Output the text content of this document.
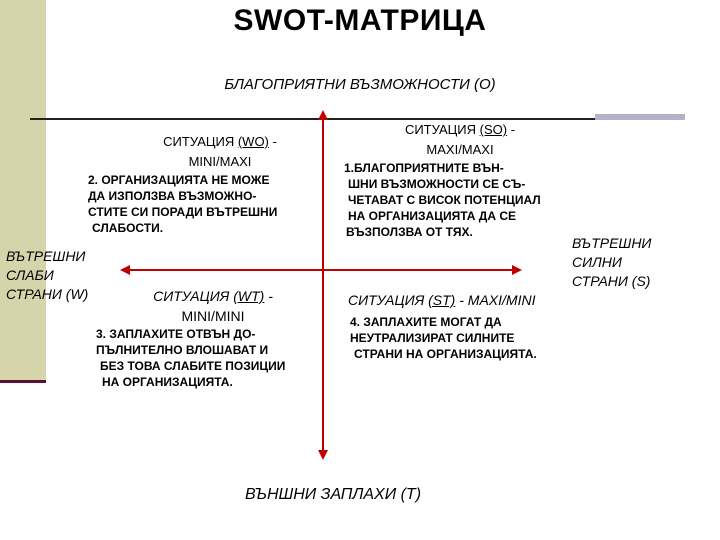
SWOT-МАТРИЦА
БЛАГОПРИЯТНИ ВЪЗМОЖНОСТИ (О)
СИТУАЦИЯ (WO) -
MINI/MAXI
2. ОРГАНИЗАЦИЯТА НЕ МОЖЕ
ДА ИЗПОЛЗВА ВЪЗМОЖНО-
СТИТЕ СИ ПОРАДИ ВЪТРЕШНИ
СЛАБОСТИ.
СИТУАЦИЯ (SO) -
MAXI/MAXI
1.БЛАГОПРИЯТНИТЕ ВЪН-
ШНИ ВЪЗМОЖНОСТИ СЕ СЪ-
ЧЕТАВАТ С ВИСОК ПОТЕНЦИАЛ
НА ОРГАНИЗАЦИЯТА ДА СЕ
ВЪЗПОЛЗВА ОТ ТЯХ.
ВЪТРЕШНИ
СЛАБИ
СТРАНИ (W)
ВЪТРЕШНИ
СИЛНИ
СТРАНИ (S)
СИТУАЦИЯ (WT) -
MINI/MINI
3. ЗАПЛАХИТЕ ОТВЪН ДО-
ПЪЛНИТЕЛНО ВЛОШАВАТ И
БЕЗ ТОВА СЛАБИТЕ ПОЗИЦИИ
НА ОРГАНИЗАЦИЯТА.
СИТУАЦИЯ (ST) - MAXI/MINI
4. ЗАПЛАХИТЕ МОГАТ ДА
НЕУТРАЛИЗИРАТ СИЛНИТЕ
СТРАНИ НА ОРГАНИЗАЦИЯТА.
ВЪНШНИ ЗАПЛАХИ (Т)
